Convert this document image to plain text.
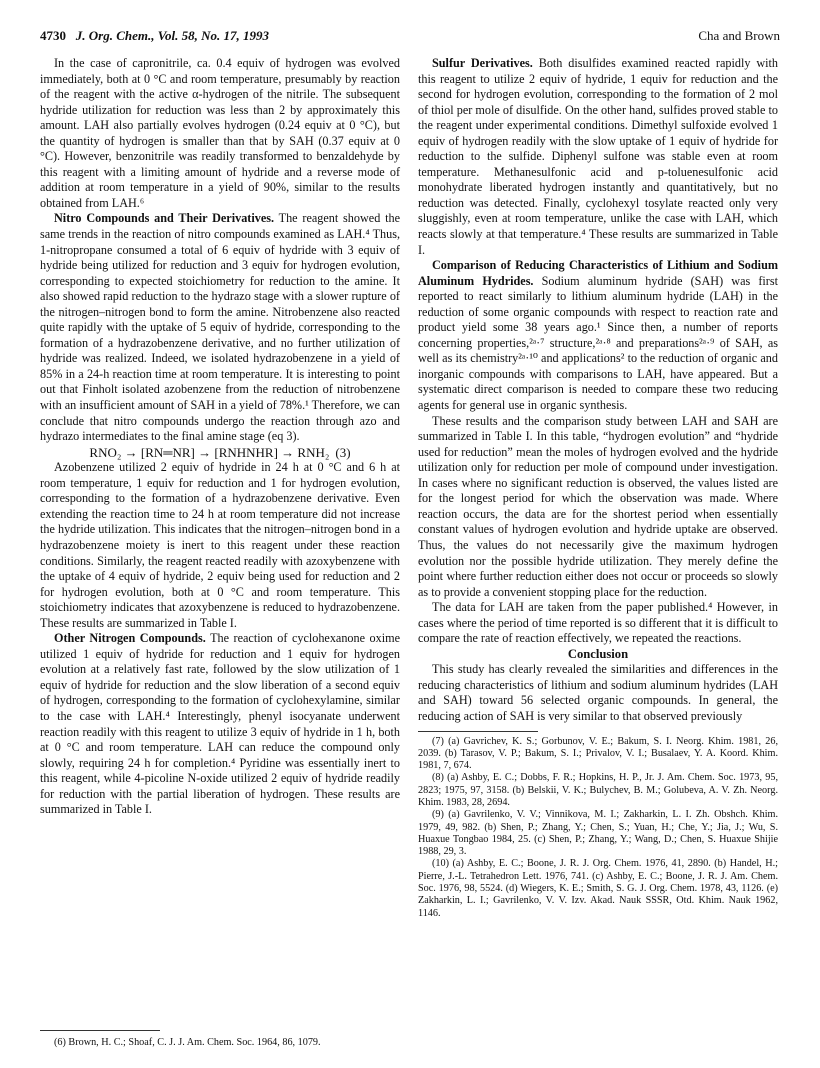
4730 J. Org. Chem., Vol. 58, No. 17, 1993	Cha and Brown

In the case of capronitrile, ca. 0.4 equiv of hydrogen was evolved immediately, both at 0 °C and room temperature, presumably by reaction of the reagent with the active α-hydrogen of the nitrile. The subsequent hydride utilization for reduction was less than 2 by approximately this amount. LAH also partially evolves hydrogen (0.24 equiv at 0 °C), but the quantity of hydrogen is smaller than that by SAH (0.37 equiv at 0 °C). However, benzonitrile was readily transformed to benzaldehyde by this reagent with a limiting amount of hydride and a reverse mode of addition at room temperature in a yield of 90%, similar to the results obtained from LAH.⁶

Nitro Compounds and Their Derivatives. The reagent showed the same trends in the reaction of nitro compounds examined as LAH.⁴ Thus, 1-nitropropane consumed a total of 6 equiv of hydride with 3 equiv of hydride being utilized for reduction and 3 equiv for hydrogen evolution, corresponding to expected stoichiometry for reduction to the amine. It also showed rapid reduction to the hydrazo stage with a slower rupture of the nitrogen–nitrogen bond to form the amine. Nitrobenzene also reacted quite rapidly with the uptake of 5 equiv of hydride, corresponding to the formation of a hydrazobenzene derivative, and no further utilization of hydride was realized. Indeed, we isolated hydrazobenzene in a yield of 85% in a 24-h reaction time at room temperature. It is interesting to point out that Finholt isolated azobenzene from the reduction of nitrobenzene with an insufficient amount of SAH in a yield of 78%.¹ Therefore, we can conclude that nitro compounds undergo the reaction through azo and hydrazo intermediates to the final amine stage (eq 3).

RNO₂ → [RN═NR] → [RNHNHR] → RNH₂ (3)

Azobenzene utilized 2 equiv of hydride in 24 h at 0 °C and 6 h at room temperature, 1 equiv for reduction and 1 for hydrogen evolution, corresponding to the formation of a hydrazobenzene derivative. Even extending the reaction time to 24 h at room temperature did not increase the hydride utilization. This indicates that the nitrogen–nitrogen bond in a hydrazobenzene moiety is inert to this reagent under these reaction conditions. Similarly, the reagent reacted readily with azoxybenzene with the uptake of 4 equiv of hydride, 2 equiv being used for reduction and 2 for hydrogen evolution, both at 0 °C and room temperature. This stoichiometry indicates that azoxybenzene is reduced to hydrazobenzene. These results are summarized in Table I.

Other Nitrogen Compounds. The reaction of cyclohexanone oxime utilized 1 equiv of hydride for reduction and 1 equiv for hydrogen evolution at a relatively fast rate, followed by the slow utilization of 1 equiv of hydride for reduction and the slow liberation of a second equiv of hydrogen, corresponding to the formation of cyclohexylamine, similar to the case with LAH.⁴ Interestingly, phenyl isocyanate underwent reaction readily with this reagent to utilize 3 equiv of hydride in 1 h, both at 0 °C and room temperature. LAH can reduce the compound only slowly, requiring 24 h for completion.⁴ Pyridine was essentially inert to this reagent, while 4-picoline N-oxide utilized 2 equiv of hydride readily for reduction with the partial liberation of hydrogen. These results are summarized in Table I.

(6) Brown, H. C.; Shoaf, C. J. J. Am. Chem. Soc. 1964, 86, 1079.

Sulfur Derivatives. Both disulfides examined reacted rapidly with this reagent to utilize 2 equiv of hydride, 1 equiv for reduction and the second for hydrogen evolution, corresponding to the formation of 2 mol of thiol per mole of disulfide. On the other hand, sulfides proved stable to the reagent under experimental conditions. Dimethyl sulfoxide evolved 1 equiv of hydrogen readily with the slow uptake of 1 equiv of hydride for reduction to the sulfide. Diphenyl sulfone was stable even at room temperature. Methanesulfonic acid and p-toluenesulfonic acid monohydrate liberated hydrogen instantly and quantitatively, but no reduction was detected. Finally, cyclohexyl tosylate reacted only very sluggishly, even at room temperature, unlike the case with LAH, which reacts slowly at that temperature.⁴ These results are summarized in Table I.

Comparison of Reducing Characteristics of Lithium and Sodium Aluminum Hydrides. Sodium aluminum hydride (SAH) was first reported to react similarly to lithium aluminum hydride (LAH) in the reduction of some organic compounds with respect to reaction rate and product yield some 38 years ago.¹ Since then, a number of reports concerning properties,²ᵃ·⁷ structure,²ᵃ·⁸ and preparations²ᵃ·⁹ of SAH, as well as its chemistry²ᵃ·¹⁰ and applications² to the reduction of organic and inorganic compounds with comparisons to LAH, have appeared. But a systematic direct comparison is needed to compare these two reducing agents for general use in organic synthesis.

These results and the comparison study between LAH and SAH are summarized in Table I. In this table, “hydrogen evolution” and “hydride used for reduction” mean the moles of hydrogen evolved and the hydride utilization only for reduction per mole of compound under investigation. In cases where no significant reduction is observed, the values listed are for the longest period for which the observation was made. Where reaction occurs, the data are for the shortest period when essentially constant values of hydrogen evolution and hydride uptake are observed. Thus, the values do not necessarily give the maximum hydrogen evolution nor the possible hydride utilization. They merely define the point where further reduction either does not occur or proceeds so slowly as to provide a convenient stopping place for the reduction.

The data for LAH are taken from the paper published.⁴ However, in cases where the period of time reported is so different that it is difficult to compare the rate of reaction effectively, we repeated the reactions.

Conclusion

This study has clearly revealed the similarities and differences in the reducing characteristics of lithium and sodium aluminum hydrides (LAH and SAH) toward 56 selected organic compounds. In general, the reducing action of SAH is very similar to that observed previously

(7) (a) Gavrichev, K. S.; Gorbunov, V. E.; Bakum, S. I. Neorg. Khim. 1981, 26, 2039. (b) Tarasov, V. P.; Bakum, S. I.; Privalov, V. I.; Busalaev, Y. A. Koord. Khim. 1981, 7, 674.
(8) (a) Ashby, E. C.; Dobbs, F. R.; Hopkins, H. P., Jr. J. Am. Chem. Soc. 1973, 95, 2823; 1975, 97, 3158. (b) Belskii, V. K.; Bulychev, B. M.; Golubeva, A. V. Zh. Neorg. Khim. 1983, 28, 2694.
(9) (a) Gavrilenko, V. V.; Vinnikova, M. I.; Zakharkin, L. I. Zh. Obshch. Khim. 1979, 49, 982. (b) Shen, P.; Zhang, Y.; Chen, S.; Yuan, H.; Che, Y.; Jia, J.; Wu, S. Huaxue Tongbao 1984, 25. (c) Shen, P.; Zhang, Y.; Wang, D.; Chen, S. Huaxue Shijie 1988, 29, 3.
(10) (a) Ashby, E. C.; Boone, J. R. J. Org. Chem. 1976, 41, 2890. (b) Handel, H.; Pierre, J.-L. Tetrahedron Lett. 1976, 741. (c) Ashby, E. C.; Boone, J. R. J. Am. Chem. Soc. 1976, 98, 5524. (d) Wiegers, K. E.; Smith, S. G. J. Org. Chem. 1978, 43, 1126. (e) Zakharkin, L. I.; Gavrilenko, V. V. Izv. Akad. Nauk SSSR, Otd. Khim. Nauk 1962, 1146.
